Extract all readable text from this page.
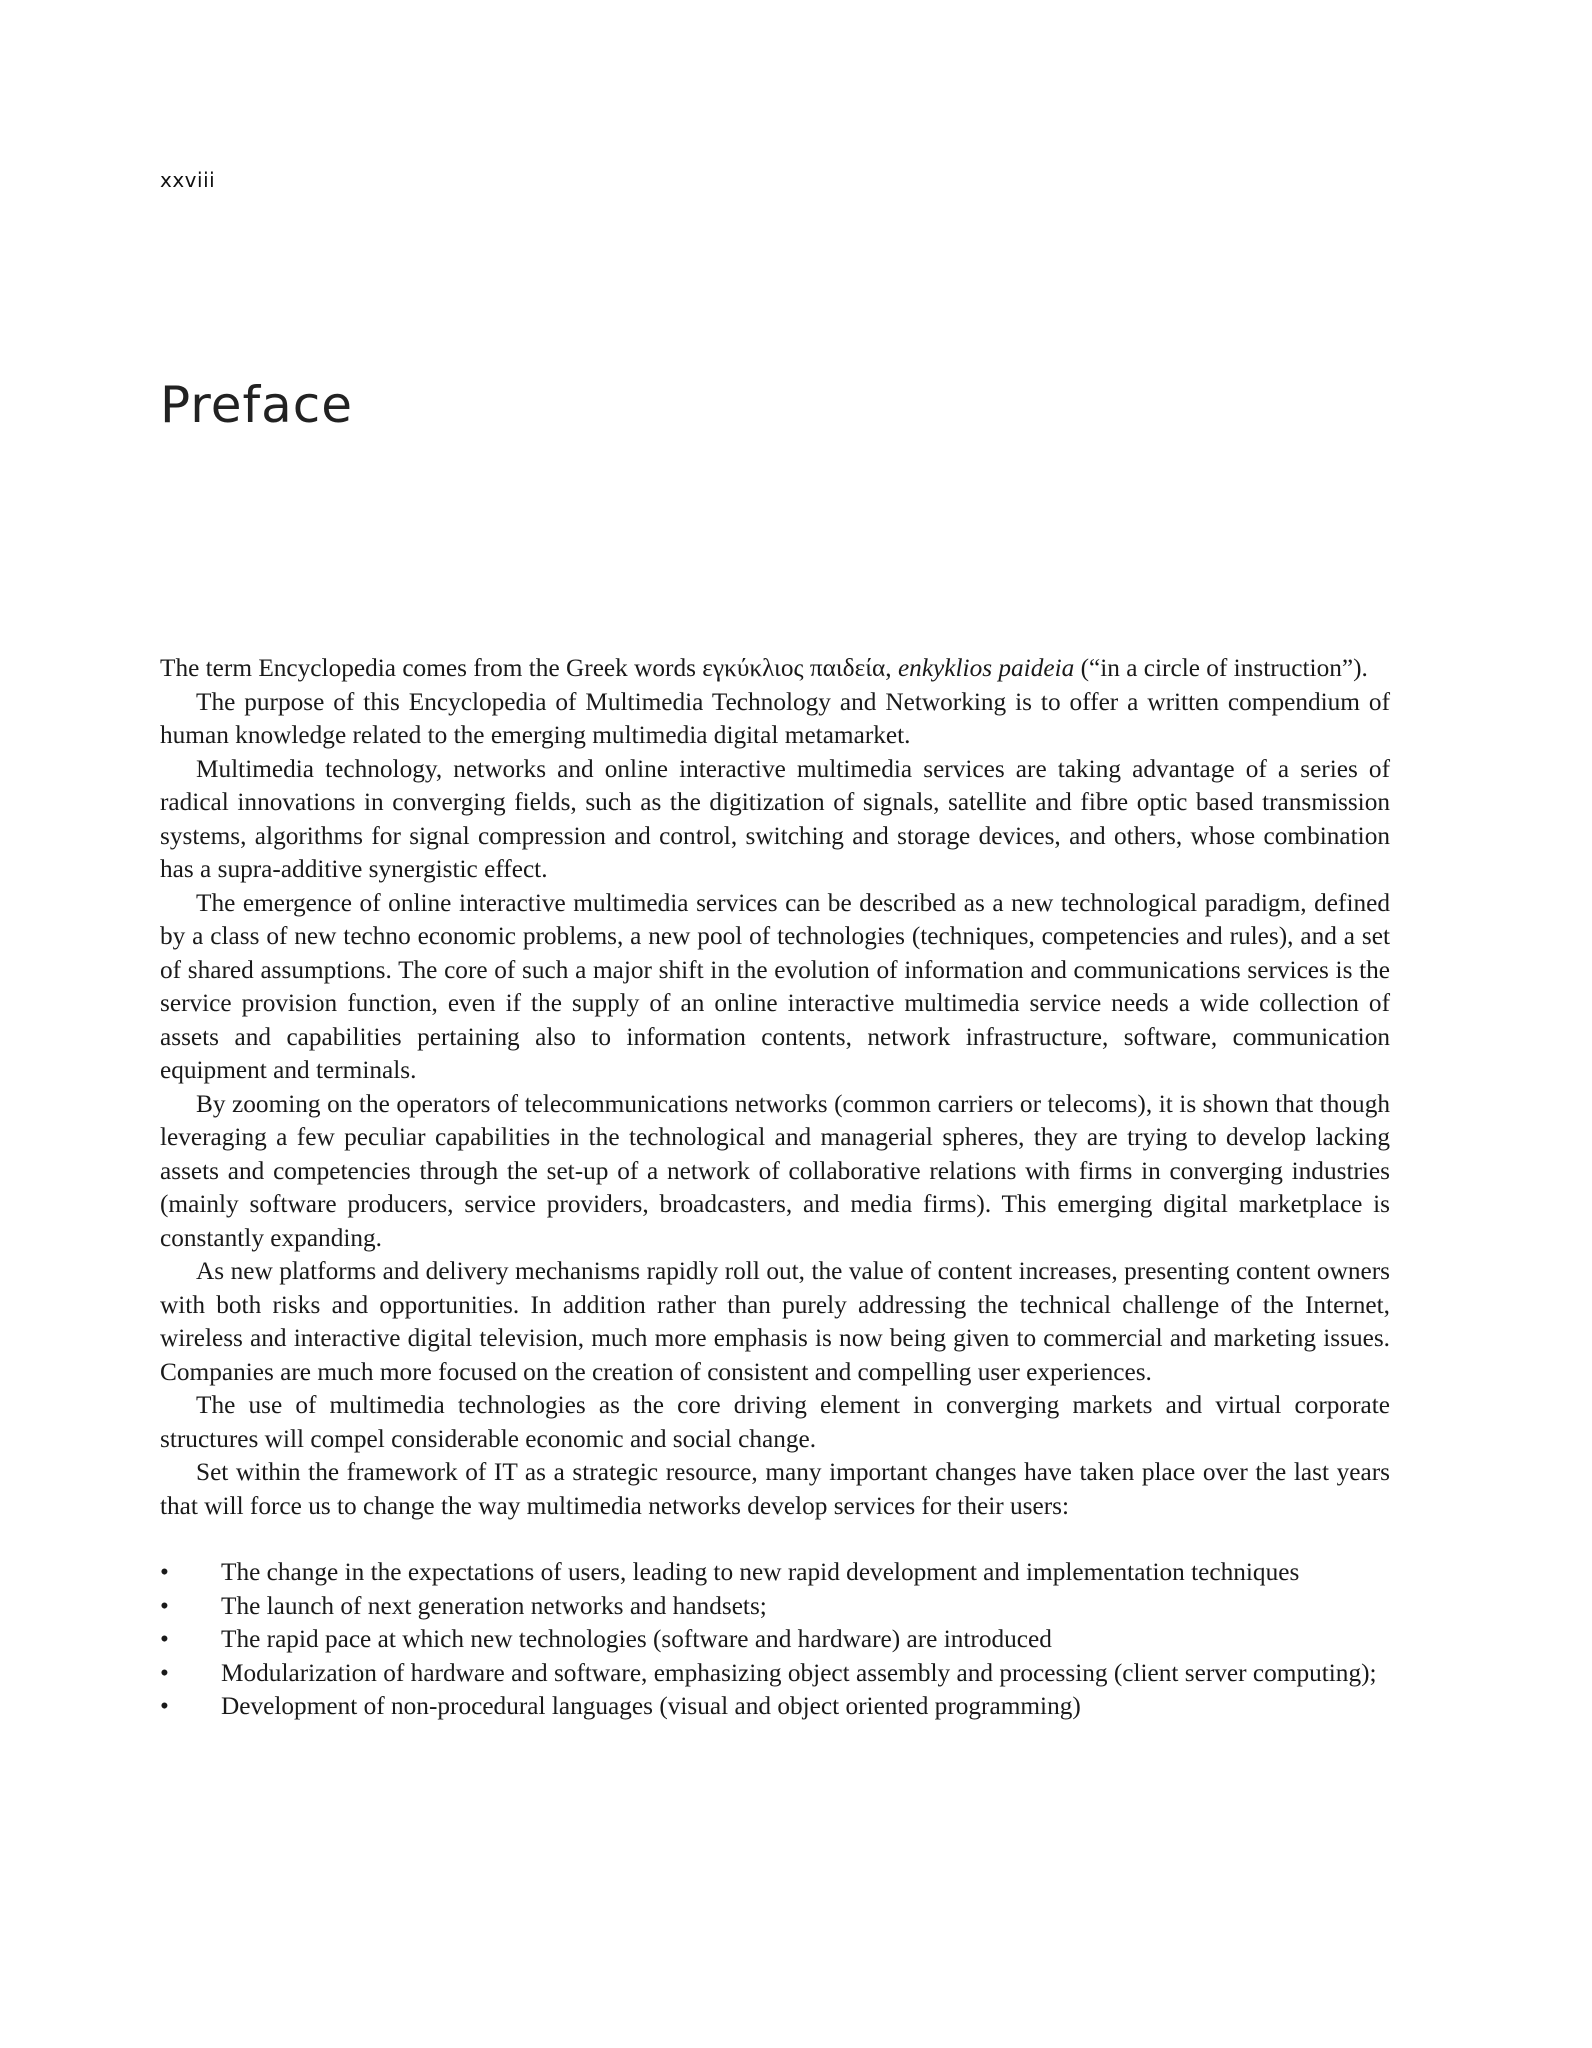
xxviii
Preface

The term Encyclopedia comes from the Greek words εγκύκλιος παιδεία, enkyklios paideia (“in a circle of instruction”).

The purpose of this Encyclopedia of Multimedia Technology and Networking is to offer a written compendium of human knowledge related to the emerging multimedia digital metamarket.

Multimedia technology, networks and online interactive multimedia services are taking advantage of a series of radical innovations in converging fields, such as the digitization of signals, satellite and fibre optic based transmission systems, algorithms for signal compression and control, switching and storage devices, and others, whose combination has a supra-additive synergistic effect.

The emergence of online interactive multimedia services can be described as a new technological paradigm, defined by a class of new techno economic problems, a new pool of technologies (techniques, competencies and rules), and a set of shared assumptions. The core of such a major shift in the evolution of information and communications services is the service provision function, even if the supply of an online interactive multimedia service needs a wide collection of assets and capabilities pertaining also to information contents, network infrastructure, software, communication equipment and terminals.

By zooming on the operators of telecommunications networks (common carriers or telecoms), it is shown that though leveraging a few peculiar capabilities in the technological and managerial spheres, they are trying to develop lacking assets and competencies through the set-up of a network of collaborative relations with firms in converging industries (mainly software producers, service providers, broadcasters, and media firms). This emerging digital marketplace is constantly expanding.

As new platforms and delivery mechanisms rapidly roll out, the value of content increases, presenting content owners with both risks and opportunities. In addition rather than purely addressing the technical challenge of the Internet, wireless and interactive digital television, much more emphasis is now being given to commercial and marketing issues. Companies are much more focused on the creation of consistent and compelling user experiences.

The use of multimedia technologies as the core driving element in converging markets and virtual corporate structures will compel considerable economic and social change.

Set within the framework of IT as a strategic resource, many important changes have taken place over the last years that will force us to change the way multimedia networks develop services for their users:

• The change in the expectations of users, leading to new rapid development and implementation techniques
• The launch of next generation networks and handsets;
• The rapid pace at which new technologies (software and hardware) are introduced
• Modularization of hardware and software, emphasizing object assembly and processing (client server computing);
• Development of non-procedural languages (visual and object oriented programming)
